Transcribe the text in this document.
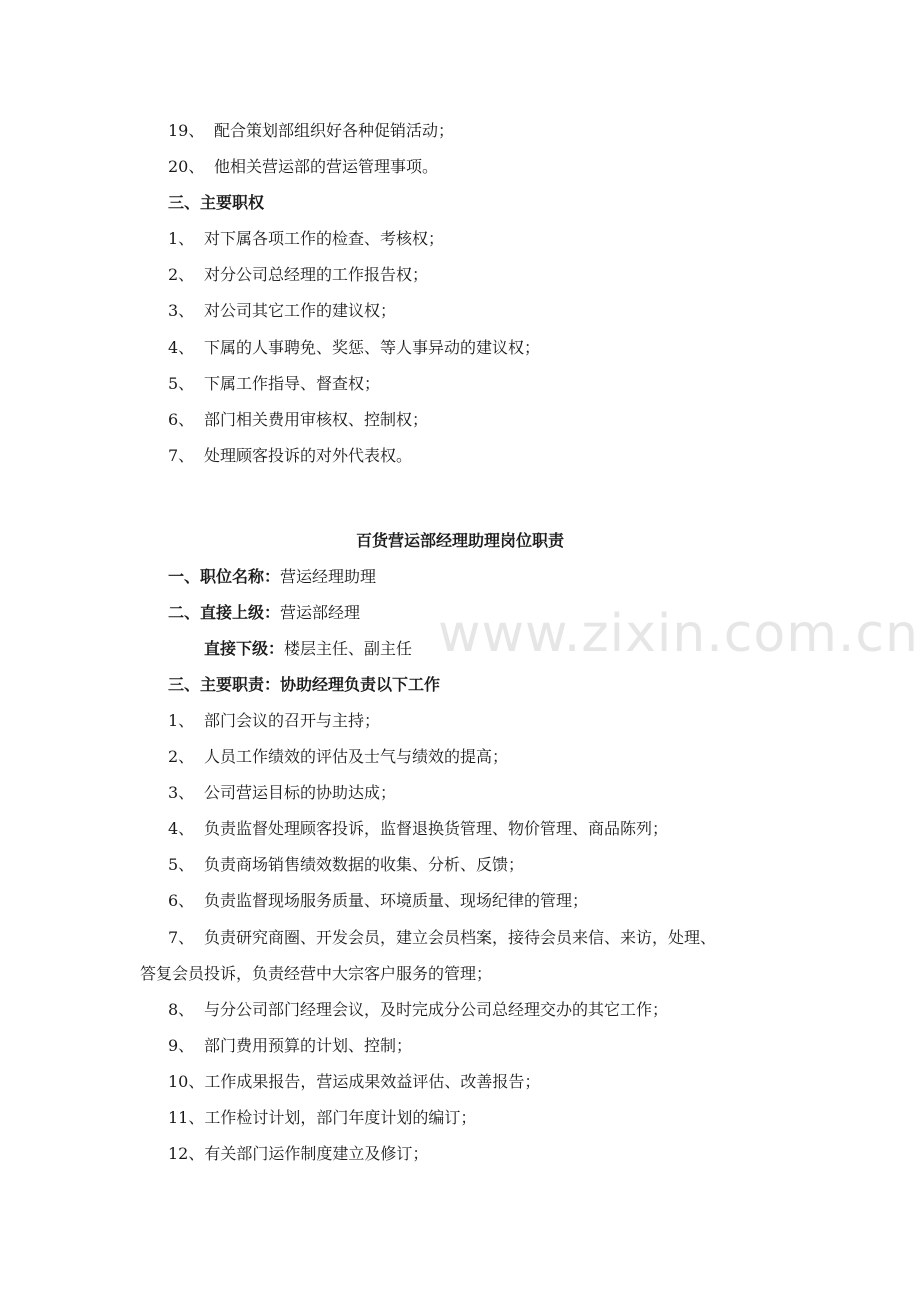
www.zixin.com.cn
19、 配合策划部组织好各种促销活动；
20、 他相关营运部的营运管理事项。
三、主要职权
1、 对下属各项工作的检查、考核权；
2、 对分公司总经理的工作报告权；
3、 对公司其它工作的建议权；
4、 下属的人事聘免、奖惩、等人事异动的建议权；
5、 下属工作指导、督查权；
6、 部门相关费用审核权、控制权；
7、 处理顾客投诉的对外代表权。
百货营运部经理助理岗位职责
一、职位名称：营运经理助理
二、直接上级：营运部经理
直接下级：楼层主任、副主任
三、主要职责：协助经理负责以下工作
1、 部门会议的召开与主持；
2、 人员工作绩效的评估及士气与绩效的提高；
3、 公司营运目标的协助达成；
4、 负责监督处理顾客投诉，监督退换货管理、物价管理、商品陈列；
5、 负责商场销售绩效数据的收集、分析、反馈；
6、 负责监督现场服务质量、环境质量、现场纪律的管理；
7、 负责研究商圈、开发会员，建立会员档案，接待会员来信、来访，处理、
答复会员投诉，负责经营中大宗客户服务的管理；
8、 与分公司部门经理会议，及时完成分公司总经理交办的其它工作；
9、 部门费用预算的计划、控制；
10、工作成果报告，营运成果效益评估、改善报告；
11、工作检讨计划，部门年度计划的编订；
12、有关部门运作制度建立及修订；
